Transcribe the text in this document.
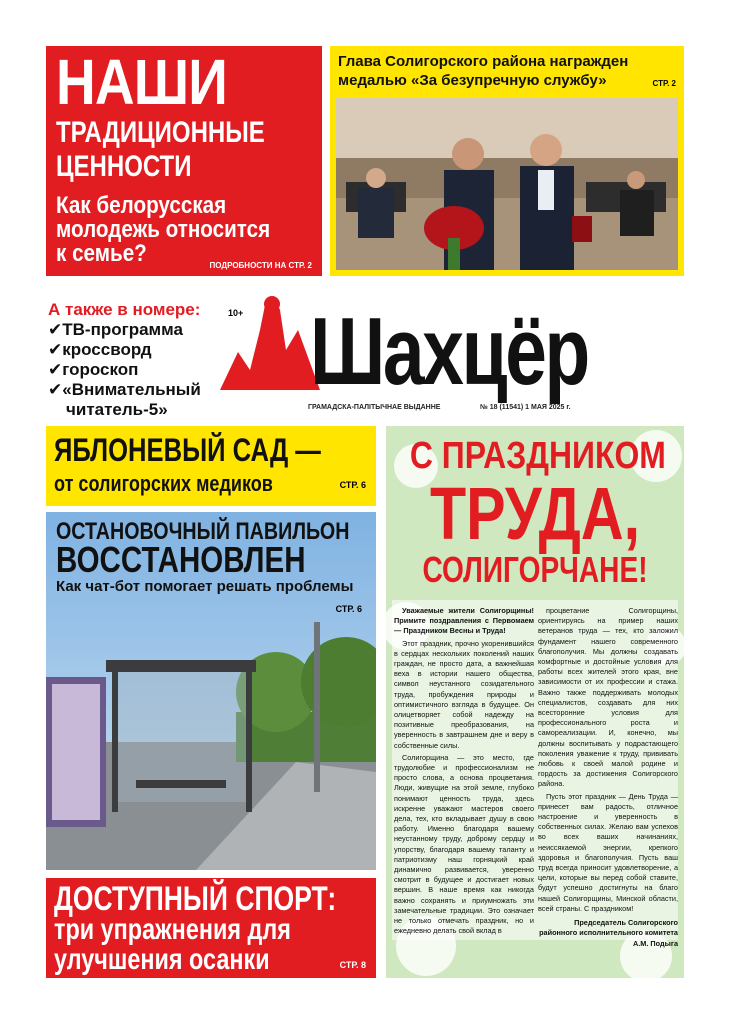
НАШИ
ТРАДИЦИОННЫЕ
ЦЕННОСТИ
Как белорусская
молодежь относится
к семье?	ПОДРОБНОСТИ НА СТР. 2
Глава Солигорского района награжден
медалью «За безупречную службу»	СТР. 2
А также в номере:
✔ТВ-программа
✔кроссворд
✔гороскоп
✔«Внимательный
читатель-5»
10+ Шахцёр
ГРАМАДСКА-ПАЛІТЫЧНАЕ ВЫДАННЕ	№ 18 (11541) 1 МАЯ 2025 г.
ЯБЛОНЕВЫЙ САД —
от солигорских медиков	СТР. 6
ОСТАНОВОЧНЫЙ ПАВИЛЬОН
ВОССТАНОВЛЕН
Как чат-бот помогает решать проблемы
СТР. 6
ДОСТУПНЫЙ СПОРТ:
три упражнения для
улучшения осанки	СТР. 8
С ПРАЗДНИКОМ
ТРУДА,
СОЛИГОРЧАНЕ!

Уважаемые жители Солигорщины! Примите поздравления с Первомаем — Праздником Весны и Труда!

Этот праздник, прочно укоренившийся в сердцах нескольких поколений наших граждан, не просто дата, а важнейшая веха в истории нашего общества, символ неустанного созидательного труда, пробуждения природы и оптимистичного взгляда в будущее. Он олицетворяет собой надежду на позитивные преобразования, на уверенность в завтрашнем дне и веру в собственные силы.

Солигорщина — это место, где трудолюбие и профессионализм не просто слова, а основа процветания. Люди, живущие на этой земле, глубоко понимают ценность труда, здесь искренне уважают мастеров своего дела, тех, кто вкладывает душу в свою работу. Именно благодаря вашему неустанному труду, доброму сердцу и упорству, благодаря вашему таланту и патриотизму наш горняцкий край динамично развивается, уверенно смотрит в будущее и достигает новых вершин. В наше время как никогда важно сохранять и приумножать эти замечательные традиции. Это означает не только отмечать праздник, но и ежедневно делать свой вклад в

процветание Солигорщины, ориентируясь на пример наших ветеранов труда — тех, кто заложил фундамент нашего современного благополучия. Мы должны создавать комфортные и достойные условия для работы всех жителей этого края, вне зависимости от их профессии и стажа. Важно также поддерживать молодых специалистов, создавать для них всесторонние условия для профессионального роста и самореализации. И, конечно, мы должны воспитывать у подрастающего поколения уважение к труду, прививать любовь к своей малой родине и гордость за достижения Солигорского района.

Пусть этот праздник — День Труда — принесет вам радость, отличное настроение и уверенность в собственных силах. Желаю вам успехов во всех ваших начинаниях, неиссякаемой энергии, крепкого здоровья и благополучия. Пусть ваш труд всегда приносит удовлетворение, а цели, которые вы перед собой ставите, будут успешно достигнуты на благо нашей Солигорщины, Минской области, всей страны. С праздником!

Председатель Солигорского районного исполнительного комитета А.М. Подыга
